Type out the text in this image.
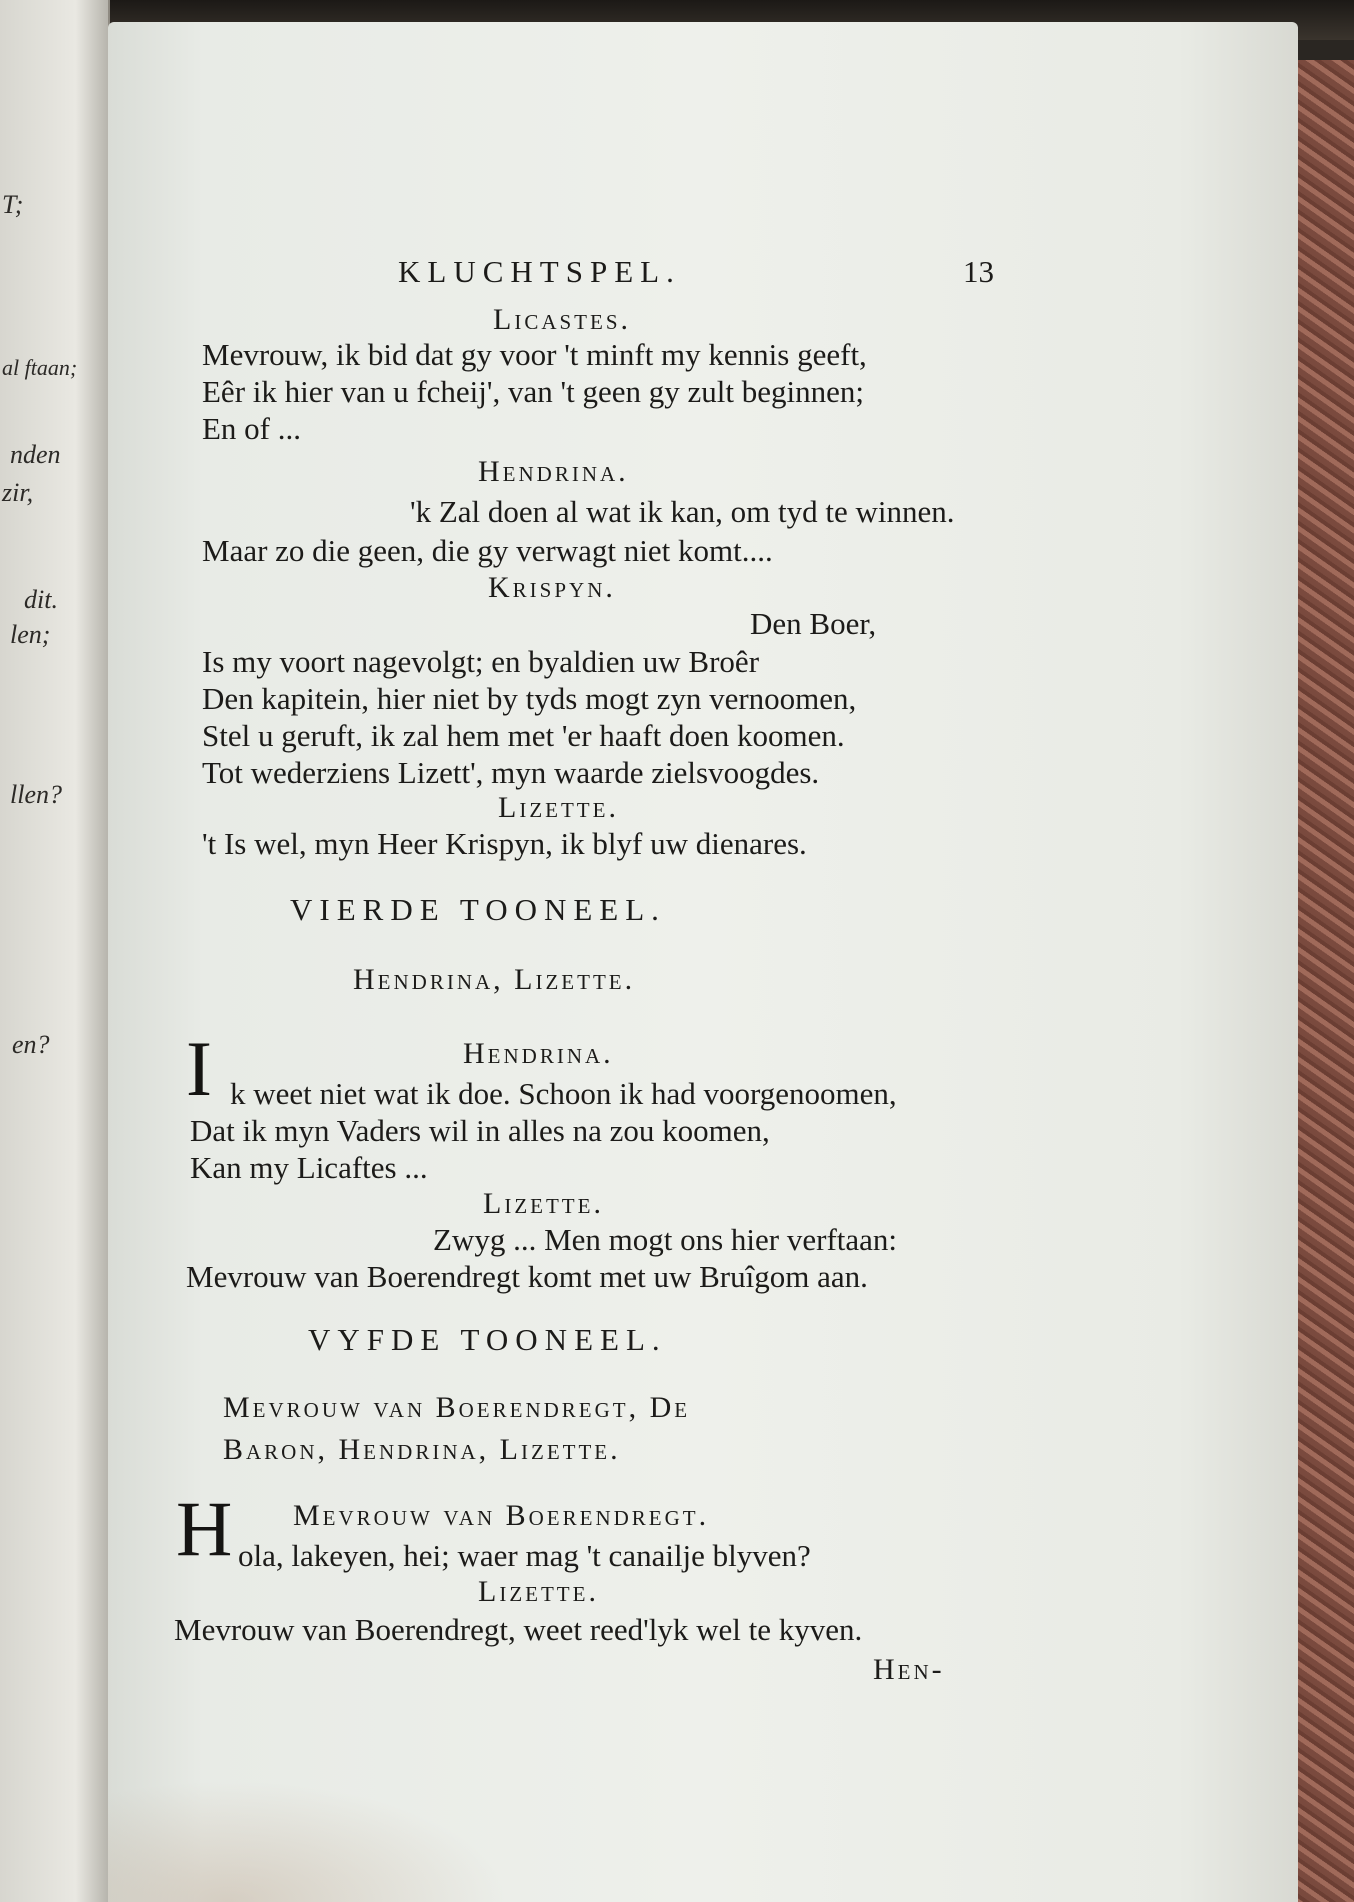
T;
al ftaan;
nden
zir,
dit.
len;
llen?
en?
KLUCHTSPEL.	13
Licastes.
Mevrouw, ik bid dat gy voor 't minft my kennis geeft,
Eêr ik hier van u fcheij', van 't geen gy zult beginnen;
En of ...
Hendrina.
'k Zal doen al wat ik kan, om tyd te winnen.
Maar zo die geen, die gy verwagt niet komt....
Krispyn.
Den Boer,
Is my voort nagevolgt; en byaldien uw Broêr
Den kapitein, hier niet by tyds mogt zyn vernoomen,
Stel u geruft, ik zal hem met 'er haaft doen koomen.
Tot wederziens Lizett', myn waarde zielsvoogdes.
Lizette.
't Is wel, myn Heer Krispyn, ik blyf uw dienares.
VIERDE TOONEEL.
Hendrina, Lizette.
Hendrina.
I k weet niet wat ik doe. Schoon ik had voorgenoomen,
Dat ik myn Vaders wil in alles na zou koomen,
Kan my Licaftes ...
Lizette.
Zwyg ... Men mogt ons hier verftaan:
Mevrouw van Boerendregt komt met uw Bruîgom aan.
VYFDE TOONEEL.
Mevrouw van Boerendregt, De
Baron, Hendrina, Lizette.
H Mevrouw van Boerendregt.
ola, lakeyen, hei; waer mag 't canailje blyven?
Lizette.
Mevrouw van Boerendregt, weet reed'lyk wel te kyven.
Hen-
